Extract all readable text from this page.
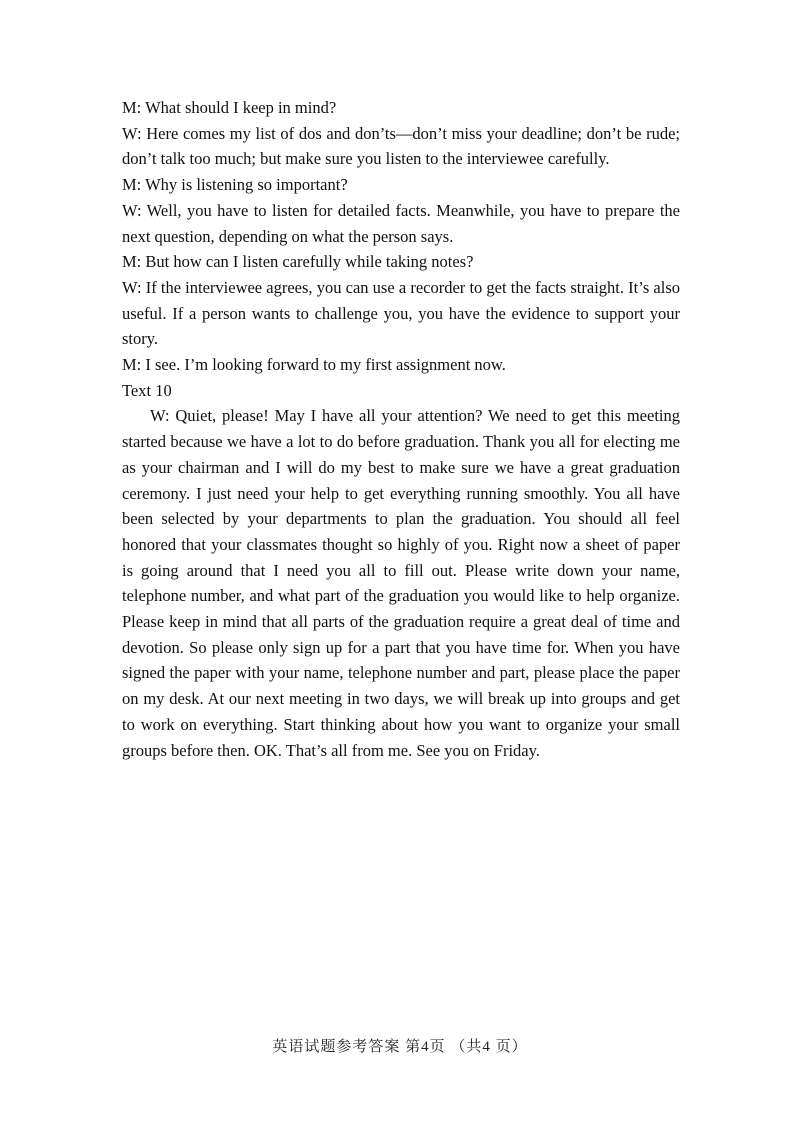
M: What should I keep in mind?

W: Here comes my list of dos and don’ts—don’t miss your deadline; don’t be rude; don’t talk too much; but make sure you listen to the interviewee carefully.

M: Why is listening so important?

W: Well, you have to listen for detailed facts. Meanwhile, you have to prepare the next question, depending on what the person says.

M: But how can I listen carefully while taking notes?

W: If the interviewee agrees, you can use a recorder to get the facts straight. It’s also useful. If a person wants to challenge you, you have the evidence to support your story.

M: I see. I’m looking forward to my first assignment now.

Text 10

W: Quiet, please! May I have all your attention? We need to get this meeting started because we have a lot to do before graduation. Thank you all for electing me as your chairman and I will do my best to make sure we have a great graduation ceremony. I just need your help to get everything running smoothly. You all have been selected by your departments to plan the graduation. You should all feel honored that your classmates thought so highly of you. Right now a sheet of paper is going around that I need you all to fill out. Please write down your name, telephone number, and what part of the graduation you would like to help organize. Please keep in mind that all parts of the graduation require a great deal of time and devotion. So please only sign up for a part that you have time for. When you have signed the paper with your name, telephone number and part, please place the paper on my desk. At our next meeting in two days, we will break up into groups and get to work on everything. Start thinking about how you want to organize your small groups before then. OK. That’s all from me. See you on Friday.

英语试题参考答案 第4页 （共4 页）
